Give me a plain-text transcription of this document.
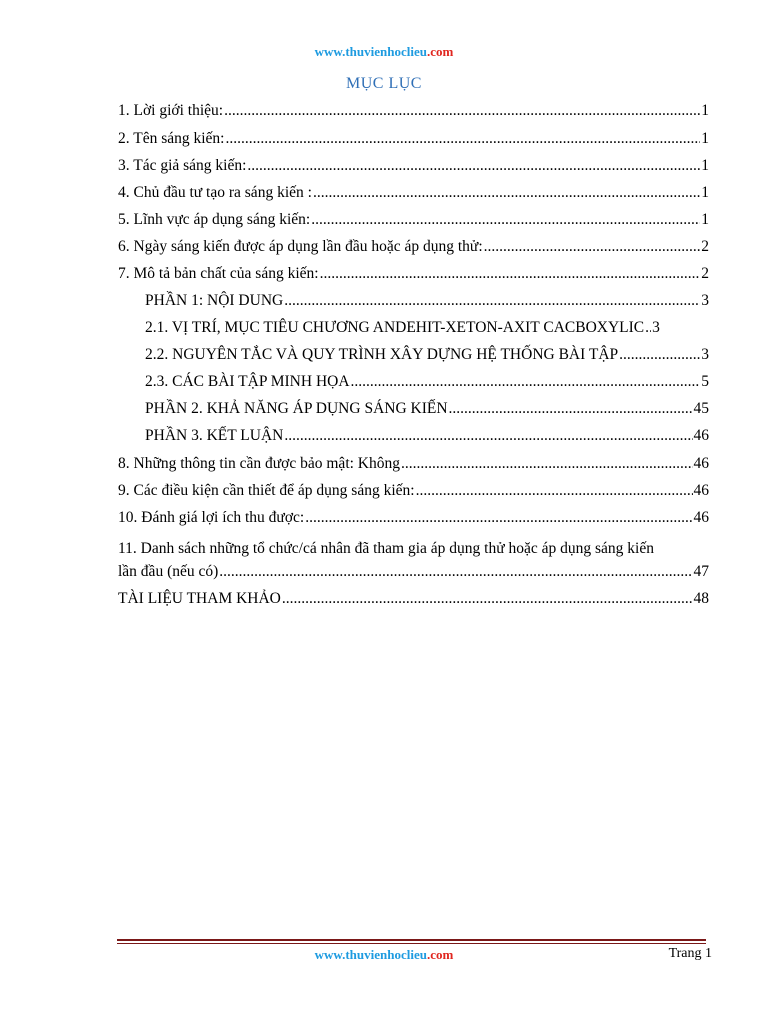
www.thuvienhoclieu.com
MỤC LỤC
1. Lời giới thiệu: .....	1
2. Tên sáng kiến: .....	1
3. Tác giả sáng kiến: .....	1
4. Chủ đầu tư tạo ra sáng kiến : .....	1
5. Lĩnh vực áp dụng sáng kiến: .....	1
6. Ngày sáng kiến được áp dụng lần đầu hoặc áp dụng thử: .....	2
7. Mô tả bản chất của sáng kiến: .....	2
PHẦN 1: NỘI DUNG .....	3
2.1. VỊ TRÍ, MỤC TIÊU CHƯƠNG ANDEHIT-XETON-AXIT CACBOXYLIC ..... 3
2.2. NGUYÊN TẮC VÀ QUY TRÌNH XÂY DỰNG HỆ THỐNG BÀI TẬP .....	3
2.3. CÁC BÀI TẬP MINH HỌA .....	5
PHẦN 2. KHẢ NĂNG ÁP DỤNG SÁNG KIẾN .....	45
PHẦN 3. KẾT LUẬN .....	46
8. Những thông tin cần được bảo mật: Không .....	46
9. Các điều kiện cần thiết để áp dụng sáng kiến: .....	46
10. Đánh giá lợi ích thu được: .....	46
11. Danh sách những tổ chức/cá nhân đã tham gia áp dụng thử hoặc áp dụng sáng kiến
lần đầu (nếu có) .....	47
TÀI LIỆU THAM KHẢO .....	48
www.thuvienhoclieu.com	Trang 1
